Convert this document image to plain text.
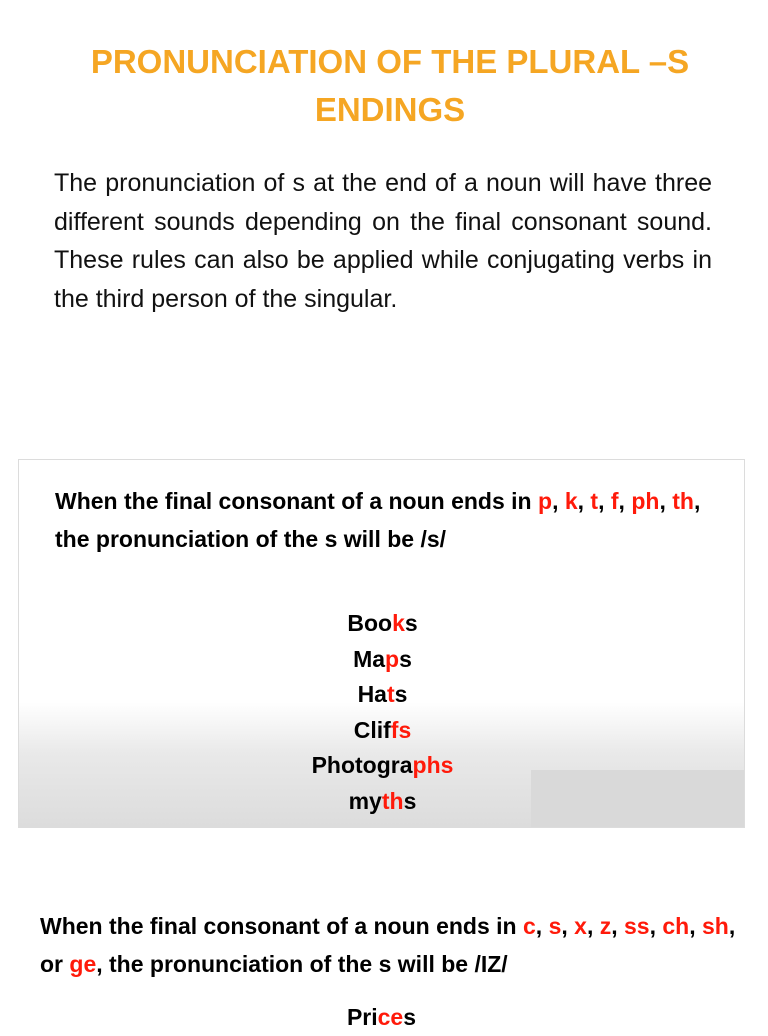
PRONUNCIATION OF THE PLURAL –S ENDINGS

The pronunciation of s at the end of a noun will have three different sounds depending on the final consonant sound. These rules can also be applied while conjugating verbs in the third person of the singular.

When the final consonant of a noun ends in p, k, t, f, ph, th, the pronunciation of the s will be /s/

Books
Maps
Hats
Cliffs
Photographs
myths

When the final consonant of a noun ends in c, s, x, z, ss, ch, sh, or ge, the pronunciation of the s will be /IZ/

Prices
